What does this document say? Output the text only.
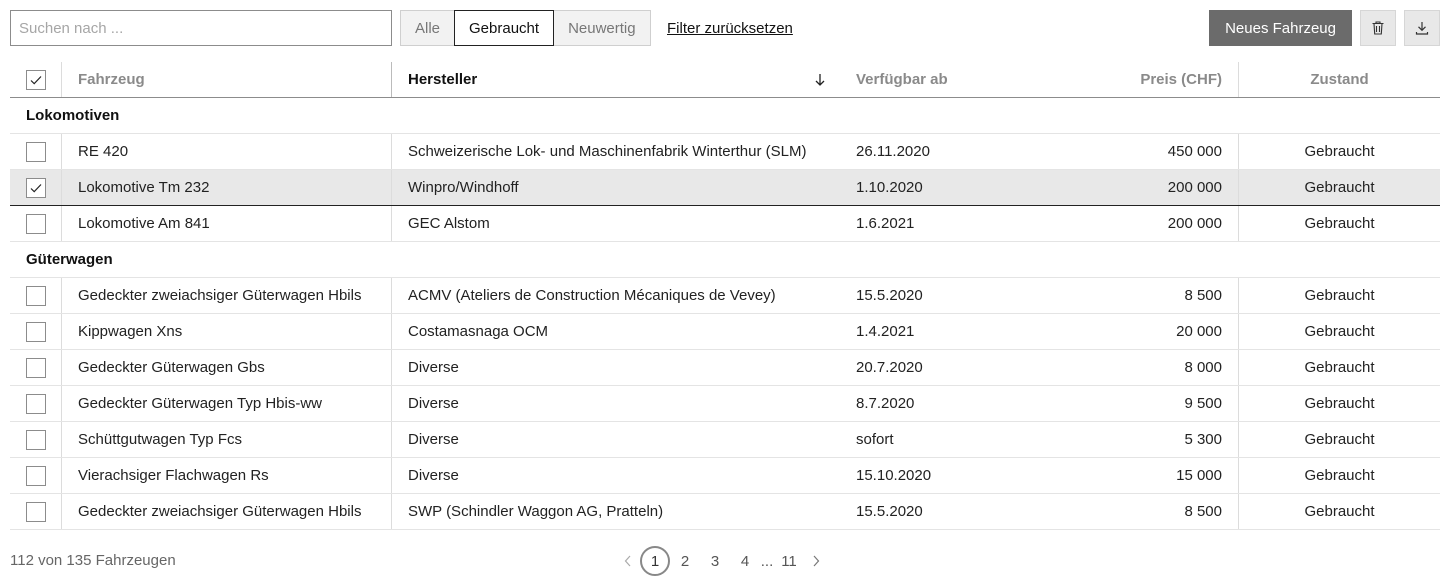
Suchen nach ...
Alle	Gebraucht	Neuwertig	Filter zurücksetzen	Neues Fahrzeug
Fahrzeug	Hersteller	Verfügbar ab	Preis (CHF)	Zustand
Lokomotiven
RE 420	Schweizerische Lok- und Maschinenfabrik Winterthur (SLM)	26.11.2020	450 000	Gebraucht
Lokomotive Tm 232	Winpro/Windhoff	1.10.2020	200 000	Gebraucht
Lokomotive Am 841	GEC Alstom	1.6.2021	200 000	Gebraucht
Güterwagen
Gedeckter zweiachsiger Güterwagen Hbils	ACMV (Ateliers de Construction Mécaniques de Vevey)	15.5.2020	8 500	Gebraucht
Kippwagen Xns	Costamasnaga OCM	1.4.2021	20 000	Gebraucht
Gedeckter Güterwagen Gbs	Diverse	20.7.2020	8 000	Gebraucht
Gedeckter Güterwagen Typ Hbis-ww	Diverse	8.7.2020	9 500	Gebraucht
Schüttgutwagen Typ Fcs	Diverse	sofort	5 300	Gebraucht
Vierachsiger Flachwagen Rs	Diverse	15.10.2020	15 000	Gebraucht
Gedeckter zweiachsiger Güterwagen Hbils	SWP (Schindler Waggon AG, Pratteln)	15.5.2020	8 500	Gebraucht
112 von 135 Fahrzeugen	1	2	3	4 ... 11
